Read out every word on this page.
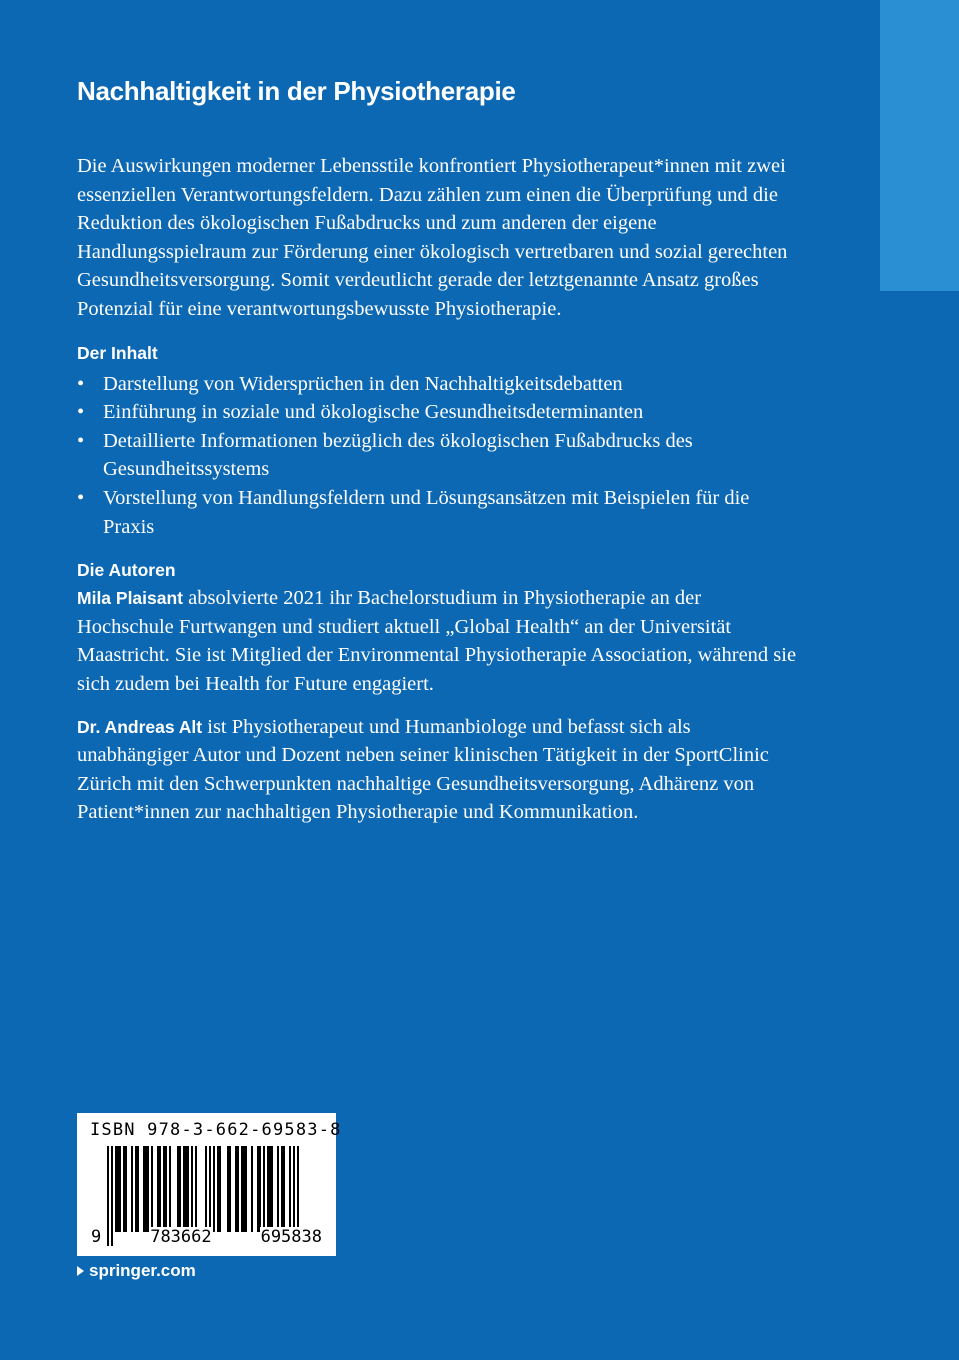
Nachhaltigkeit in der Physiotherapie

Die Auswirkungen moderner Lebensstile konfrontiert Physiotherapeut*innen mit zwei essenziellen Verantwortungsfeldern. Dazu zählen zum einen die Überprüfung und die Reduktion des ökologischen Fußabdrucks und zum anderen der eigene Handlungsspielraum zur Förderung einer ökologisch vertretbaren und sozial gerechten Gesundheitsversorgung. Somit verdeutlicht gerade der letztgenannte Ansatz großes Potenzial für eine verantwortungsbewusste Physiotherapie.

Der Inhalt
• Darstellung von Widersprüchen in den Nachhaltigkeitsdebatten
• Einführung in soziale und ökologische Gesundheitsdeterminanten
• Detaillierte Informationen bezüglich des ökologischen Fußabdrucks des Gesundheitssystems
• Vorstellung von Handlungsfeldern und Lösungsansätzen mit Beispielen für die Praxis
Die Autoren

Mila Plaisant absolvierte 2021 ihr Bachelorstudium in Physiotherapie an der Hochschule Furtwangen und studiert aktuell „Global Health“ an der Universität Maastricht. Sie ist Mitglied der Environmental Physiotherapie Association, während sie sich zudem bei Health for Future engagiert.

Dr. Andreas Alt ist Physiotherapeut und Humanbiologe und befasst sich als unabhängiger Autor und Dozent neben seiner klinischen Tätigkeit in der SportClinic Zürich mit den Schwerpunkten nachhaltige Gesundheitsversorgung, Adhärenz von Patient*innen zur nachhaltigen Physiotherapie und Kommunikation.

ISBN 978-3-662-69583-8
9	783662	695838
springer.com
